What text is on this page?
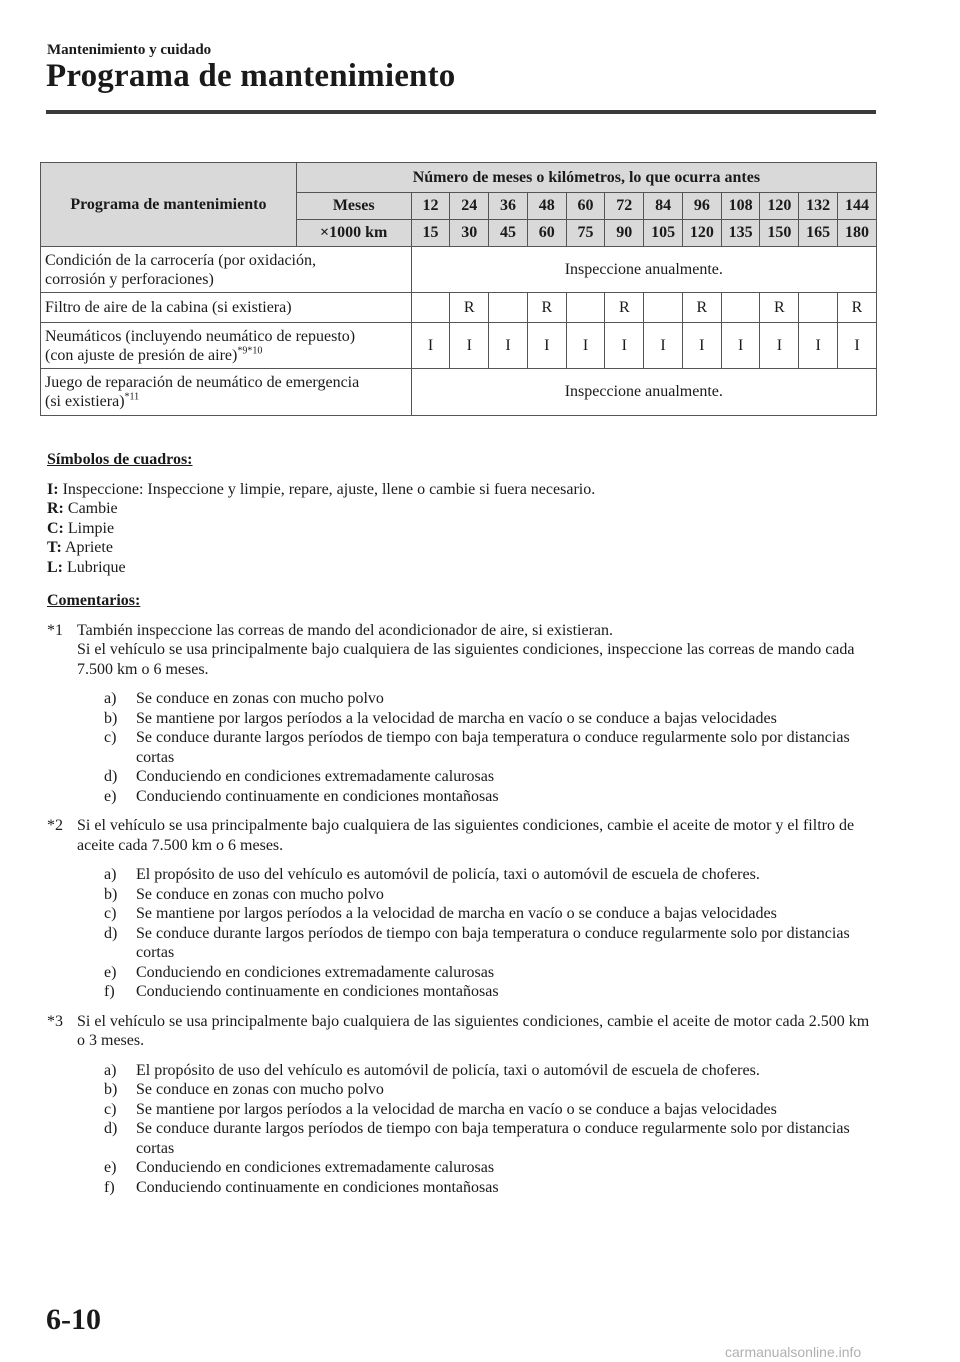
Mantenimiento y cuidado
Programa de mantenimiento
Programa de mantenimiento	Número de meses o kilómetros, lo que ocurra antes												
	Meses	12	24	36	48	60	72	84	96	108	120	132	144
	×1000 km	15	30	45	60	75	90	105	120	135	150	165	180
Condición de la carrocería (por oxidación,
corrosión y perforaciones)		Inspeccione anualmente.											
Filtro de aire de la cabina (si existiera)			R		R		R		R		R		R
Neumáticos (incluyendo neumático de repuesto)
(con ajuste de presión de aire)$^{*9*10}$		I	I	I	I	I	I	I	I	I	I	I	I
Juego de reparación de neumático de emergencia
(si existiera)$^{*11}$		Inspeccione anualmente.											
Símbolos de cuadros:
I: Inspeccione: Inspeccione y limpie, repare, ajuste, llene o cambie si fuera necesario.
R: Cambie
C: Limpie
T: Apriete
L: Lubrique
Comentarios:
*1 También inspeccione las correas de mando del acondicionador de aire, si existieran.
Si el vehículo se usa principalmente bajo cualquiera de las siguientes condiciones, inspeccione las correas de mando cada 7.500 km o 6 meses.
a)	Se conduce en zonas con mucho polvo
b)	Se mantiene por largos períodos a la velocidad de marcha en vacío o se conduce a bajas velocidades
c)	Se conduce durante largos períodos de tiempo con baja temperatura o conduce regularmente solo por distancias cortas
d)	Conduciendo en condiciones extremadamente calurosas
e)	Conduciendo continuamente en condiciones montañosas
*2 Si el vehículo se usa principalmente bajo cualquiera de las siguientes condiciones, cambie el aceite de motor y el filtro de aceite cada 7.500 km o 6 meses.
a)	El propósito de uso del vehículo es automóvil de policía, taxi o automóvil de escuela de choferes.
b)	Se conduce en zonas con mucho polvo
c)	Se mantiene por largos períodos a la velocidad de marcha en vacío o se conduce a bajas velocidades
d)	Se conduce durante largos períodos de tiempo con baja temperatura o conduce regularmente solo por distancias cortas
e)	Conduciendo en condiciones extremadamente calurosas
f)	Conduciendo continuamente en condiciones montañosas
*3 Si el vehículo se usa principalmente bajo cualquiera de las siguientes condiciones, cambie el aceite de motor cada 2.500 km o 3 meses.
a)	El propósito de uso del vehículo es automóvil de policía, taxi o automóvil de escuela de choferes.
b)	Se conduce en zonas con mucho polvo
c)	Se mantiene por largos períodos a la velocidad de marcha en vacío o se conduce a bajas velocidades
d)	Se conduce durante largos períodos de tiempo con baja temperatura o conduce regularmente solo por distancias cortas
e)	Conduciendo en condiciones extremadamente calurosas
f)	Conduciendo continuamente en condiciones montañosas
6-10
carmanualsonline.info
